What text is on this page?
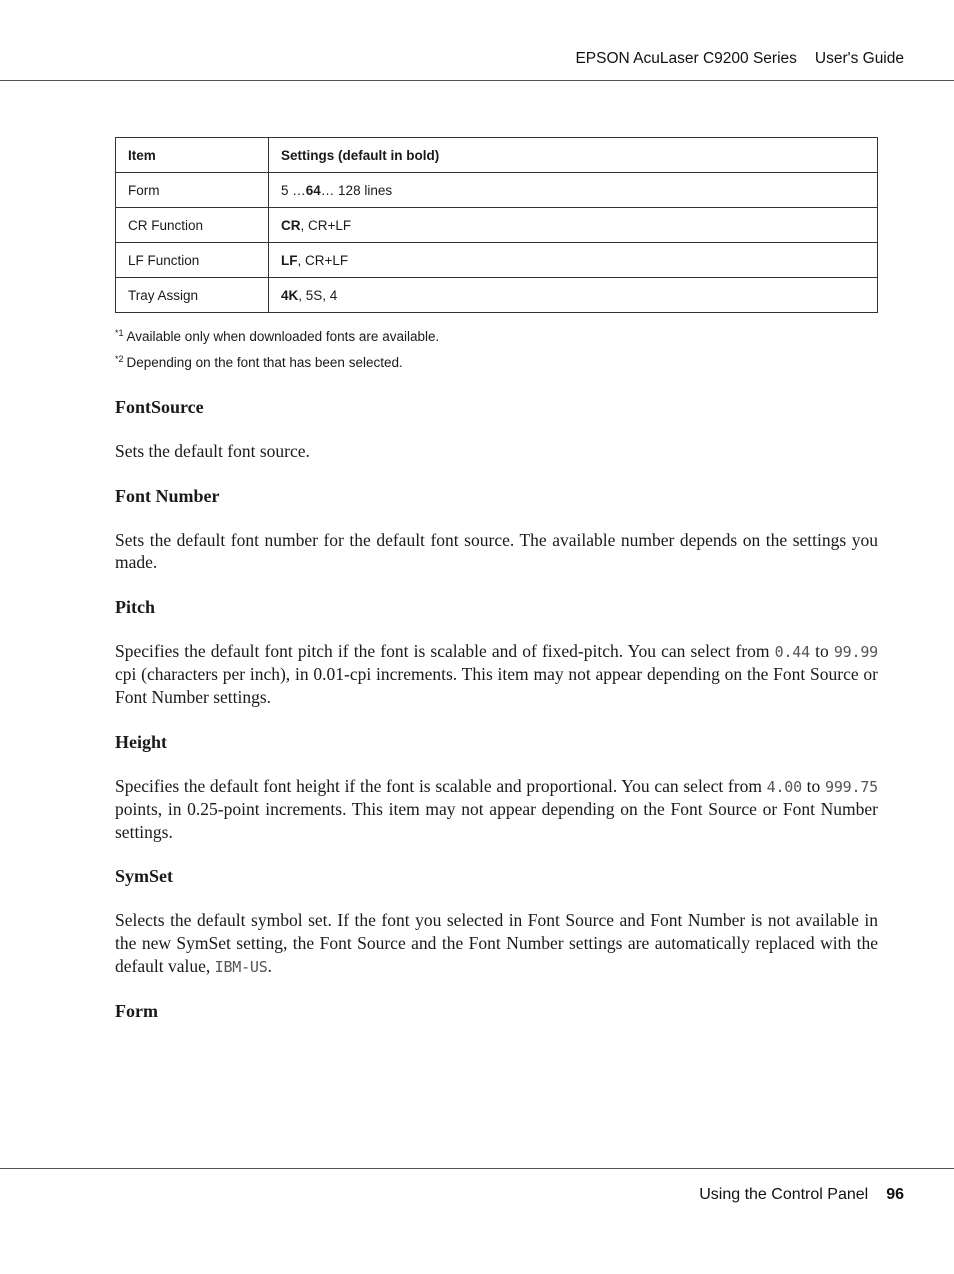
EPSON AcuLaser C9200 Series User's Guide
Item	Settings (default in bold)
Form	5 …64… 128 lines
CR Function	CR, CR+LF
LF Function	LF, CR+LF
Tray Assign	4K, 5S, 4
$^{*1}$ Available only when downloaded fonts are available.
$^{*2}$ Depending on the font that has been selected.
FontSource

Sets the default font source.

Font Number

Sets the default font number for the default font source. The available number depends on the settings you made.

Pitch

Specifies the default font pitch if the font is scalable and of fixed-pitch. You can select from 0.44 to 99.99 cpi (characters per inch), in 0.01-cpi increments. This item may not appear depending on the Font Source or Font Number settings.

Height

Specifies the default font height if the font is scalable and proportional. You can select from 4.00 to 999.75 points, in 0.25-point increments. This item may not appear depending on the Font Source or Font Number settings.

SymSet

Selects the default symbol set. If the font you selected in Font Source and Font Number is not available in the new SymSet setting, the Font Source and the Font Number settings are automatically replaced with the default value, IBM-US.

Form
Using the Control Panel 96
